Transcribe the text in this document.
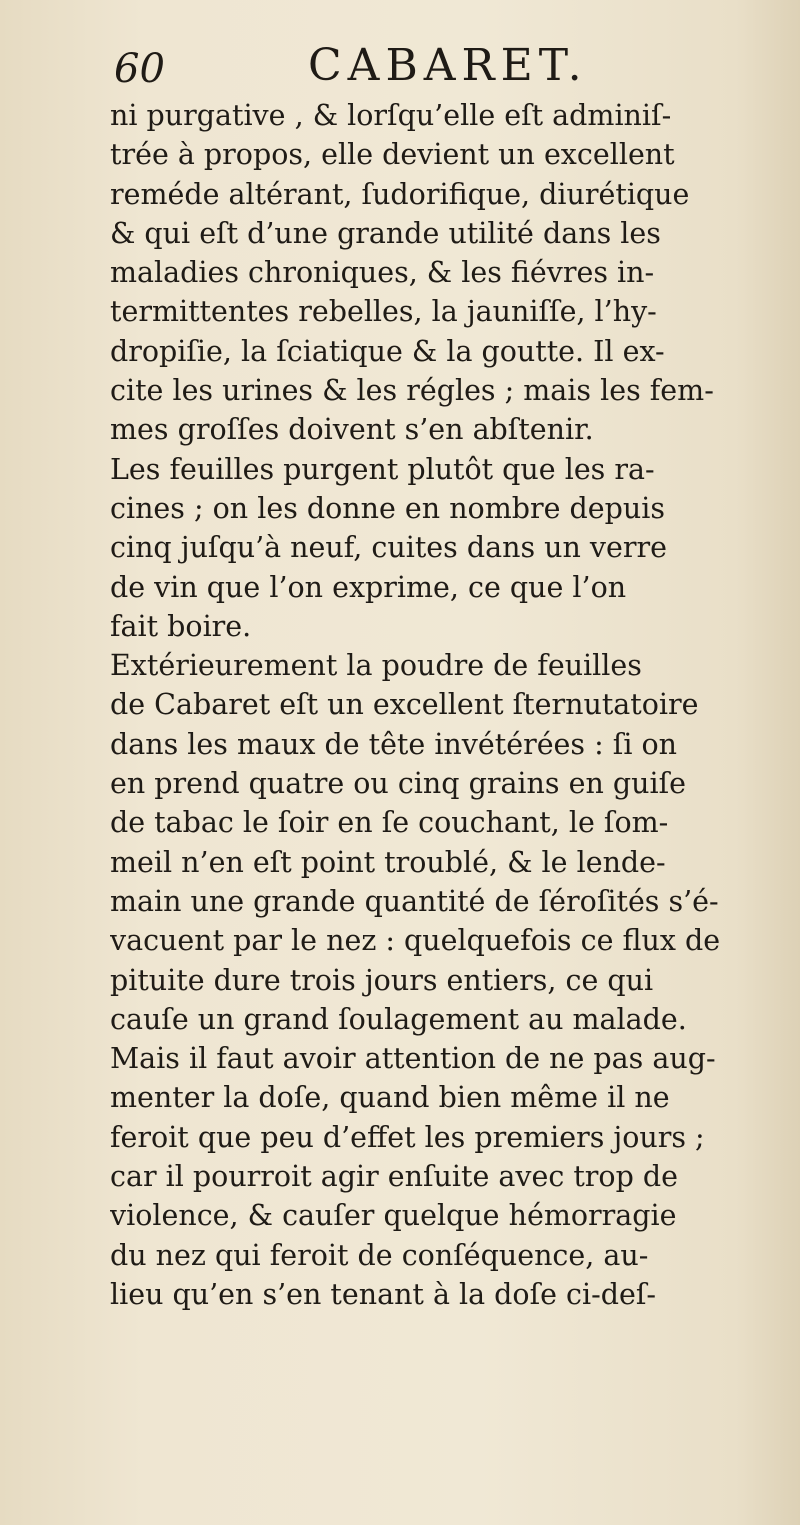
60	CABARET.
ni purgative , & lorſqu’elle eſt adminiſ-
trée à propos, elle devient un excellent
reméde altérant, ſudorifique, diurétique
& qui eſt d’une grande utilité dans les
maladies chroniques, & les fiévres in-
termittentes rebelles, la jauniſſe, l’hy-
dropiſie, la ſciatique & la goutte. Il ex-
cite les urines & les régles ; mais les fem-
mes groſſes doivent s’en abſtenir.
Les feuilles purgent plutôt que les ra-
cines ; on les donne en nombre depuis
cinq juſqu’à neuf, cuites dans un verre
de vin que l’on exprime, ce que l’on
fait boire.
Extérieurement la poudre de feuilles
de Cabaret eſt un excellent ſternutatoire
dans les maux de tête invétérées : ſi on
en prend quatre ou cinq grains en guiſe
de tabac le ſoir en ſe couchant, le ſom-
meil n’en eſt point troublé, & le lende-
main une grande quantité de ſéroſités s’é-
vacuent par le nez : quelquefois ce flux de
pituite dure trois jours entiers, ce qui
cauſe un grand ſoulagement au malade.
Mais il faut avoir attention de ne pas aug-
menter la doſe, quand bien même il ne
feroit que peu d’effet les premiers jours ;
car il pourroit agir enſuite avec trop de
violence, & cauſer quelque hémorragie
du nez qui feroit de conſéquence, au-
lieu qu’en s’en tenant à la doſe ci-deſ-
